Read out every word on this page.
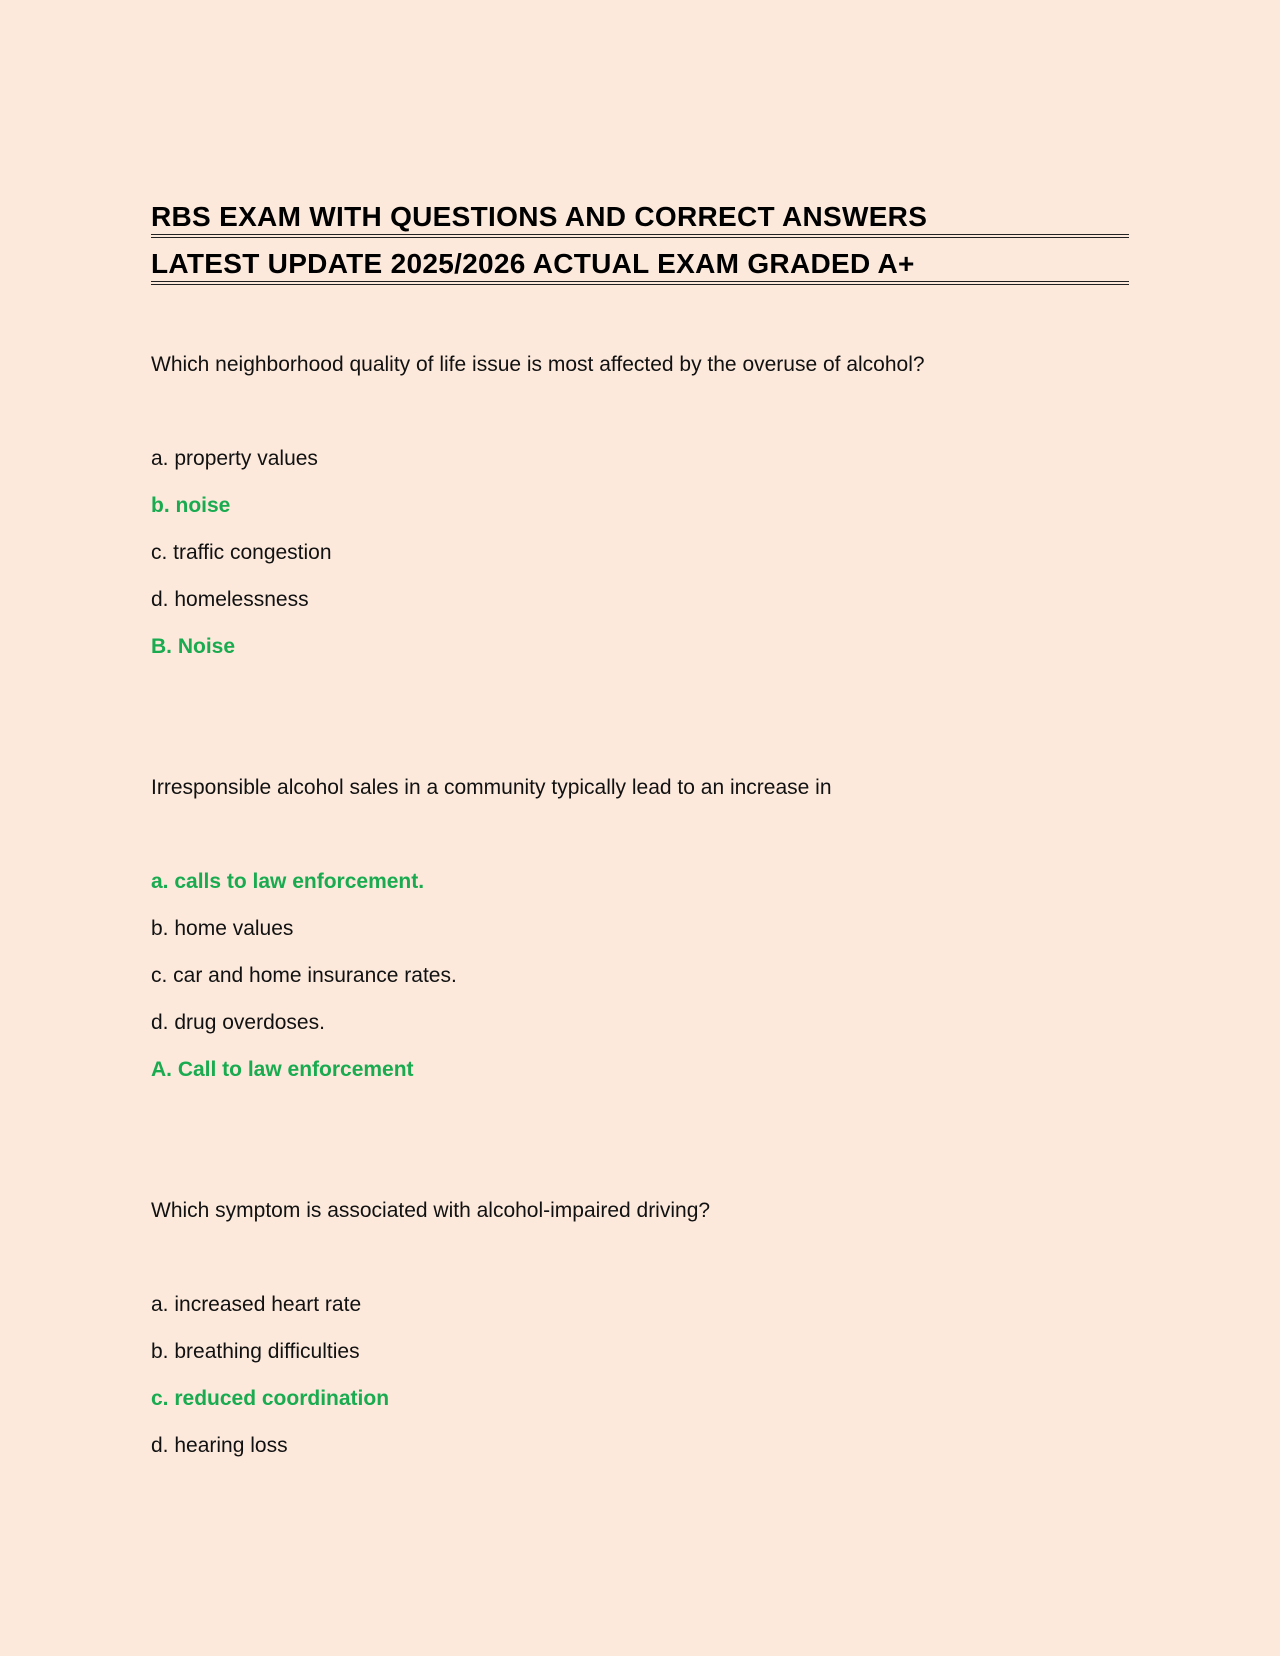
RBS EXAM WITH QUESTIONS AND CORRECT ANSWERS
LATEST UPDATE 2025/2026 ACTUAL EXAM GRADED A+
Which neighborhood quality of life issue is most affected by the overuse of alcohol?
a. property values
b. noise
c. traffic congestion
d. homelessness
B. Noise
Irresponsible alcohol sales in a community typically lead to an increase in
a. calls to law enforcement.
b. home values
c. car and home insurance rates.
d. drug overdoses.
A. Call to law enforcement
Which symptom is associated with alcohol-impaired driving?
a. increased heart rate
b. breathing difficulties
c. reduced coordination
d. hearing loss
